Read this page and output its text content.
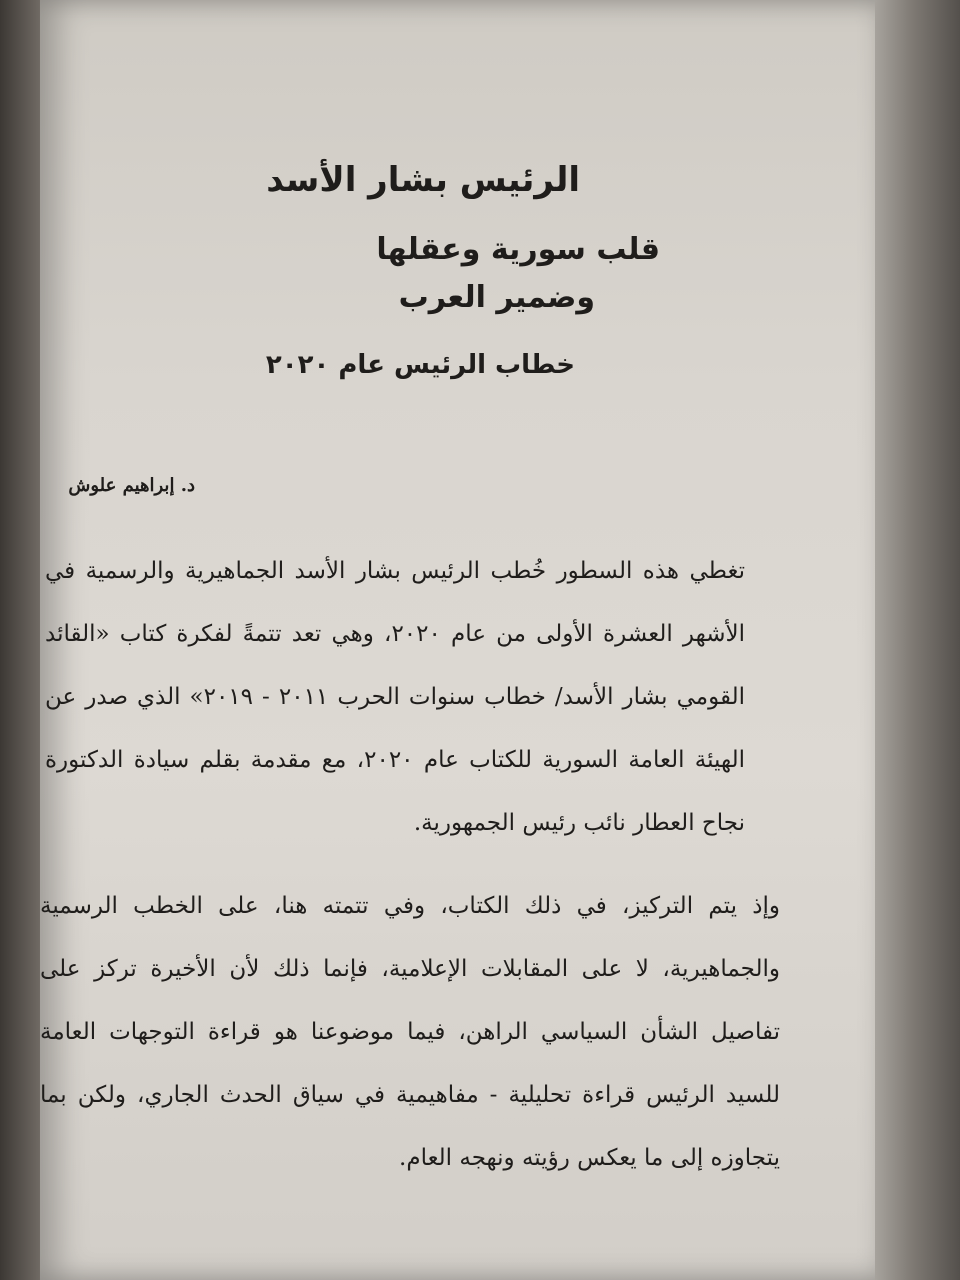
الرئيس بشار الأسد
قلب سورية وعقلها
وضمير العرب
خطاب الرئيس عام ٢٠٢٠
د. إبراهيم علوش

تغطي هذه السطور خُطب الرئيس بشار الأسد الجماهيرية والرسمية في الأشهر العشرة الأولى من عام ٢٠٢٠، وهي تعد تتمةً لفكرة كتاب «القائد القومي بشار الأسد/ خطاب سنوات الحرب ٢٠١١ - ٢٠١٩» الذي صدر عن الهيئة العامة السورية للكتاب عام ٢٠٢٠، مع مقدمة بقلم سيادة الدكتورة نجاح العطار نائب رئيس الجمهورية.

وإذ يتم التركيز، في ذلك الكتاب، وفي تتمته هنا، على الخطب الرسمية والجماهيرية، لا على المقابلات الإعلامية، فإنما ذلك لأن الأخيرة تركز على تفاصيل الشأن السياسي الراهن، فيما موضوعنا هو قراءة التوجهات العامة للسيد الرئيس قراءة تحليلية - مفاهيمية في سياق الحدث الجاري، ولكن بما يتجاوزه إلى ما يعكس رؤيته ونهجه العام.
